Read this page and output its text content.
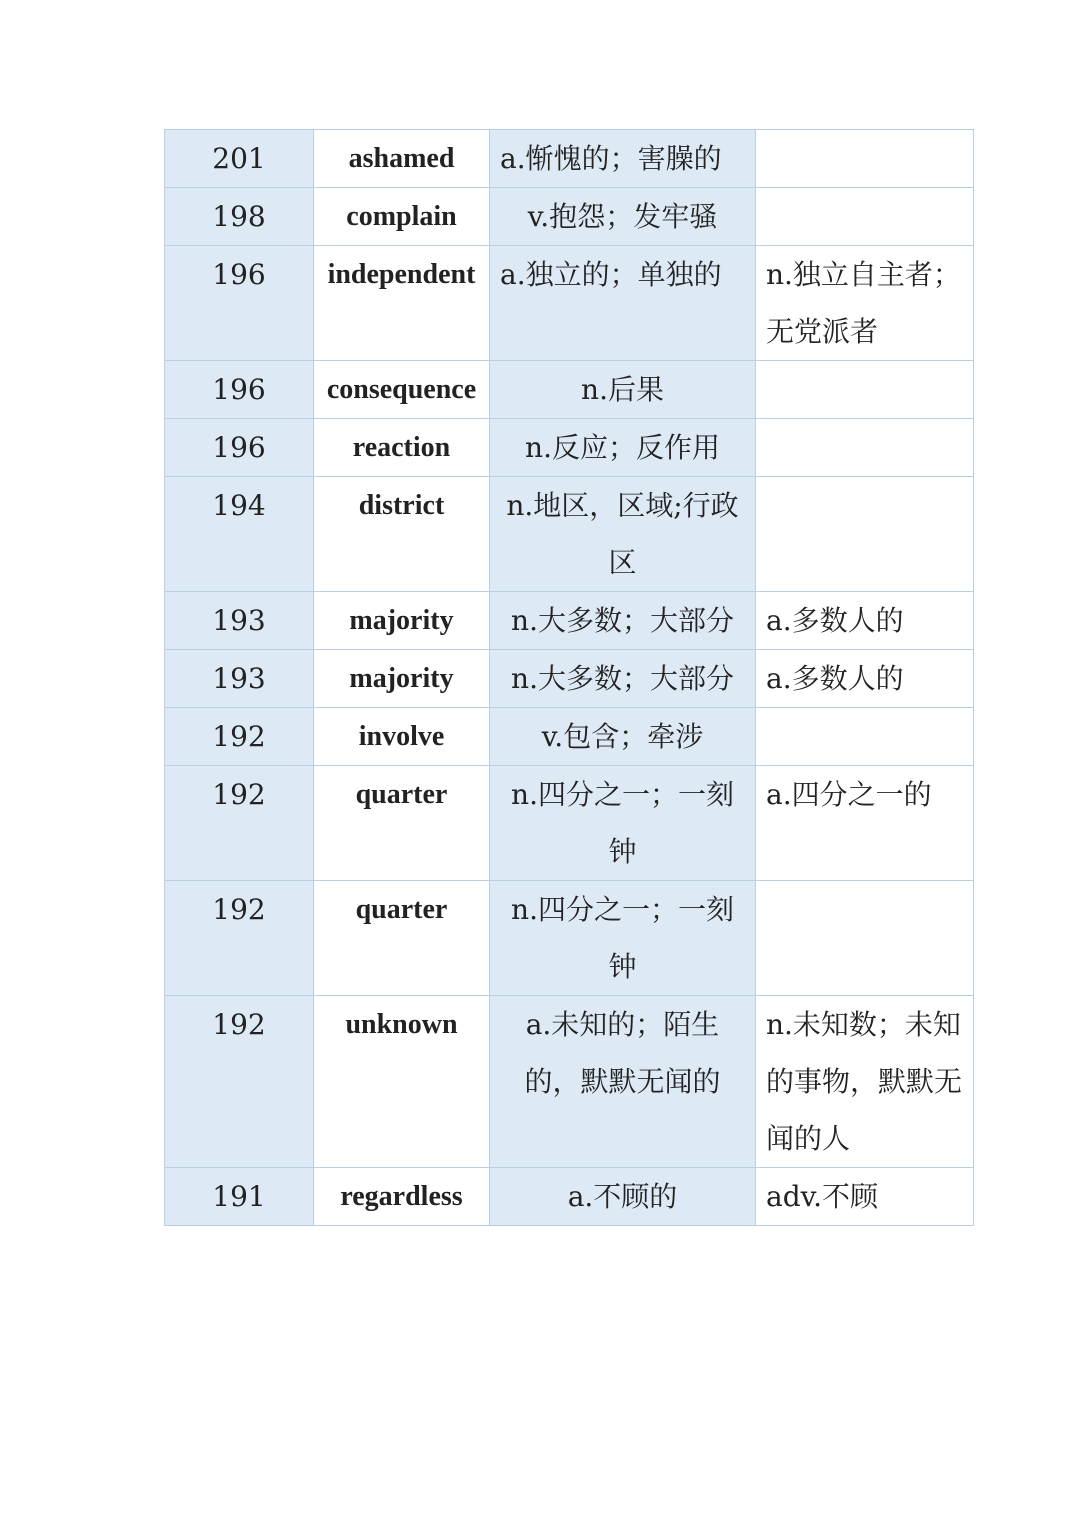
201	ashamed	a.惭愧的；害臊的	
198	complain	v.抱怨；发牢骚	
196	independent	a.独立的；单独的	n.独立自主者；无党派者
196	consequence	n.后果	
196	reaction	n.反应；反作用	
194	district	n.地区，区域;行政区	
193	majority	n.大多数；大部分	a.多数人的
193	majority	n.大多数；大部分	a.多数人的
192	involve	v.包含；牵涉	
192	quarter	n.四分之一；一刻钟	a.四分之一的
192	quarter	n.四分之一；一刻钟	
192	unknown	a.未知的；陌生的，默默无闻的	n.未知数；未知的事物，默默无闻的人
191	regardless	a.不顾的	adv.不顾
